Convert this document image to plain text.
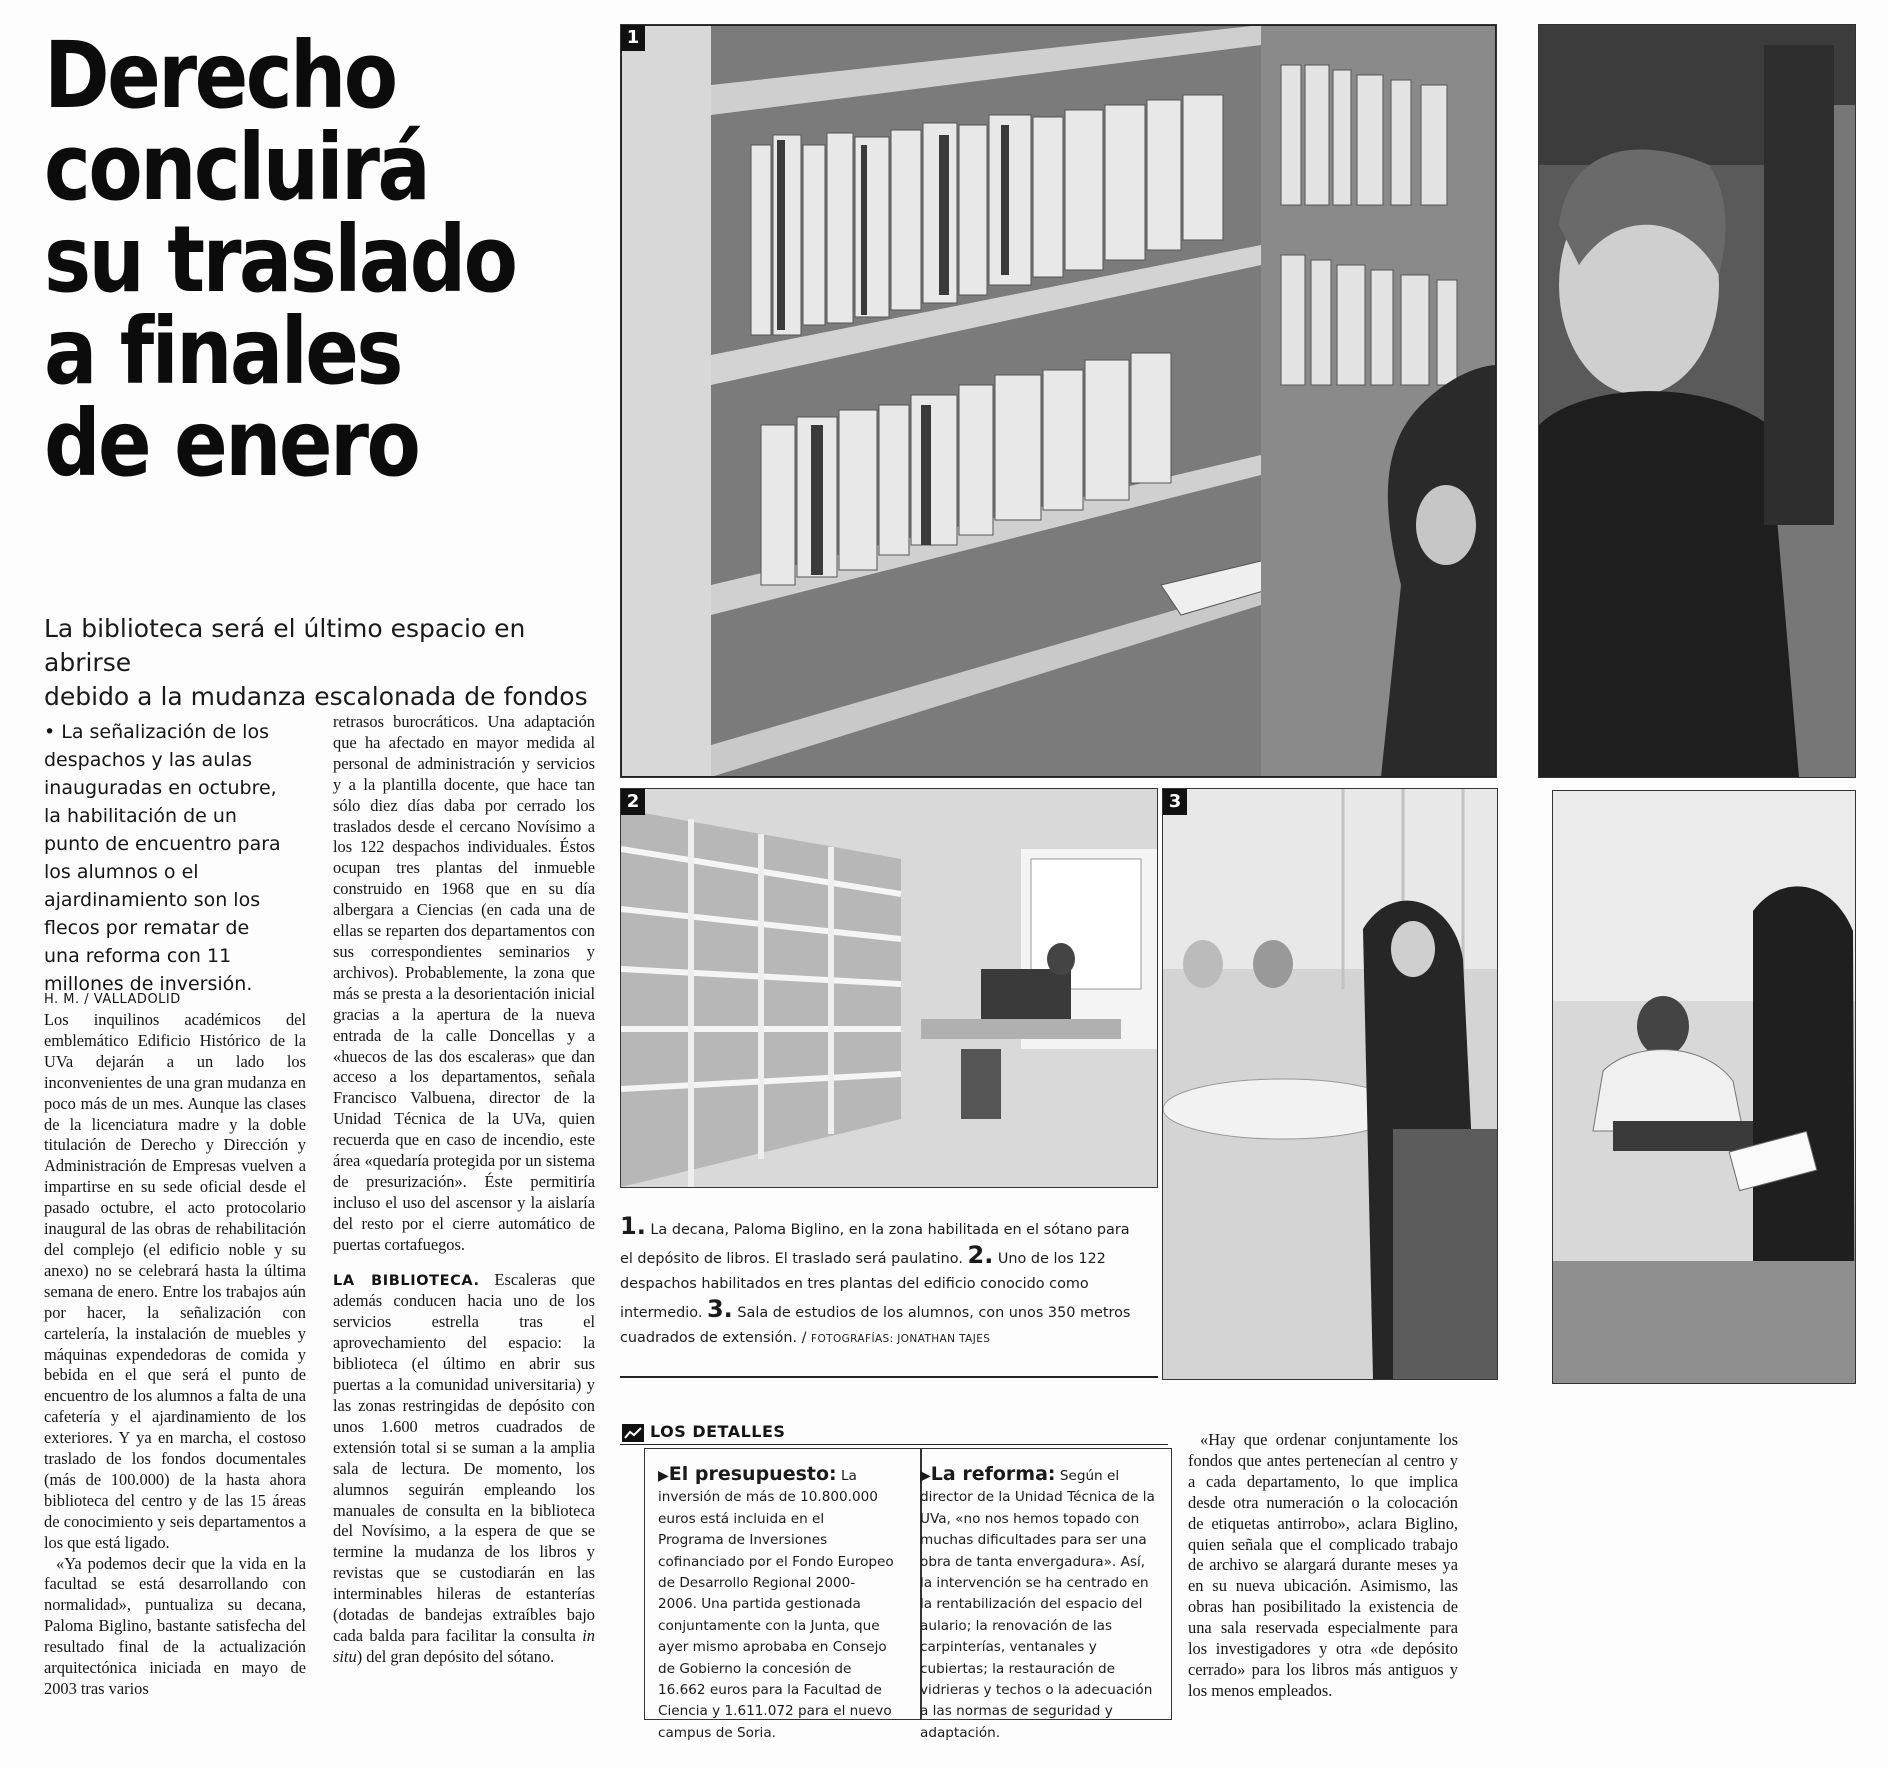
Derecho
concluirá
su traslado
a finales
de enero
La biblioteca será el último espacio en abrirse
debido a la mudanza escalonada de fondos
• La señalización de los despachos y las aulas inauguradas en octubre, la habilitación de un punto de encuentro para los alumnos o el ajardinamiento son los flecos por rematar de una reforma con 11 millones de inversión.
H. M. / VALLADOLID

Los inquilinos académicos del emblemático Edificio Histórico de la UVa dejarán a un lado los inconvenientes de una gran mudanza en poco más de un mes. Aunque las clases de la licenciatura madre y la doble titulación de Derecho y Dirección y Administración de Empresas vuelven a impartirse en su sede oficial desde el pasado octubre, el acto protocolario inaugural de las obras de rehabilitación del complejo (el edificio noble y su anexo) no se celebrará hasta la última semana de enero. Entre los trabajos aún por hacer, la señalización con cartelería, la instalación de muebles y máquinas expendedoras de comida y bebida en el que será el punto de encuentro de los alumnos a falta de una cafetería y el ajardinamiento de los exteriores. Y ya en marcha, el costoso traslado de los fondos documentales (más de 100.000) de la hasta ahora biblioteca del centro y de las 15 áreas de conocimiento y seis departamentos a los que está ligado.

«Ya podemos decir que la vida en la facultad se está desarrollando con normalidad», puntualiza su decana, Paloma Biglino, bastante satisfecha del resultado final de la actualización arquitectónica iniciada en mayo de 2003 tras varios

retrasos burocráticos. Una adaptación que ha afectado en mayor medida al personal de administración y servicios y a la plantilla docente, que hace tan sólo diez días daba por cerrado los traslados desde el cercano Novísimo a los 122 despachos individuales. Éstos ocupan tres plantas del inmueble construido en 1968 que en su día albergara a Ciencias (en cada una de ellas se reparten dos departamentos con sus correspondientes seminarios y archivos). Probablemente, la zona que más se presta a la desorientación inicial gracias a la apertura de la nueva entrada de la calle Doncellas y a «huecos de las dos escaleras» que dan acceso a los departamentos, señala Francisco Valbuena, director de la Unidad Técnica de la UVa, quien recuerda que en caso de incendio, este área «quedaría protegida por un sistema de presurización». Éste permitiría incluso el uso del ascensor y la aislaría del resto por el cierre automático de puertas cortafuegos.

LA BIBLIOTECA. Escaleras que además conducen hacia uno de los servicios estrella tras el aprovechamiento del espacio: la biblioteca (el último en abrir sus puertas a la comunidad universitaria) y las zonas restringidas de depósito con unos 1.600 metros cuadrados de extensión total si se suman a la amplia sala de lectura. De momento, los alumnos seguirán empleando los manuales de consulta en la biblioteca del Novísimo, a la espera de que se termine la mudanza de los libros y revistas que se custodiarán en las interminables hileras de estanterías (dotadas de bandejas extraíbles bajo cada balda para facilitar la consulta in situ) del gran depósito del sótano.

1
2	3
1. La decana, Paloma Biglino, en la zona habilitada en el sótano para el depósito de libros. El traslado será paulatino. 2. Uno de los 122 despachos habilitados en tres plantas del edificio conocido como intermedio. 3. Sala de estudios de los alumnos, con unos 350 metros cuadrados de extensión. / FOTOGRAFÍAS: JONATHAN TAJES
LOS DETALLES
▶El presupuesto: La inversión de más de 10.800.000 euros está incluida en el Programa de Inversiones cofinanciado por el Fondo Europeo de Desarrollo Regional 2000-2006. Una partida gestionada conjuntamente con la Junta, que ayer mismo aprobaba en Consejo de Gobierno la concesión de 16.662 euros para la Facultad de Ciencia y 1.611.072 para el nuevo campus de Soria.
▶La reforma: Según el director de la Unidad Técnica de la UVa, «no nos hemos topado con muchas dificultades para ser una obra de tanta envergadura». Así, la intervención se ha centrado en la rentabilización del espacio del aulario; la renovación de las carpinterías, ventanales y cubiertas; la restauración de vidrieras y techos o la adecuación a las normas de seguridad y adaptación.

«Hay que ordenar conjuntamente los fondos que antes pertenecían al centro y a cada departamento, lo que implica desde otra numeración o la colocación de etiquetas antirrobo», aclara Biglino, quien señala que el complicado trabajo de archivo se alargará durante meses ya en su nueva ubicación. Asimismo, las obras han posibilitado la existencia de una sala reservada especialmente para los investigadores y otra «de depósito cerrado» para los libros más antiguos y los menos empleados.
